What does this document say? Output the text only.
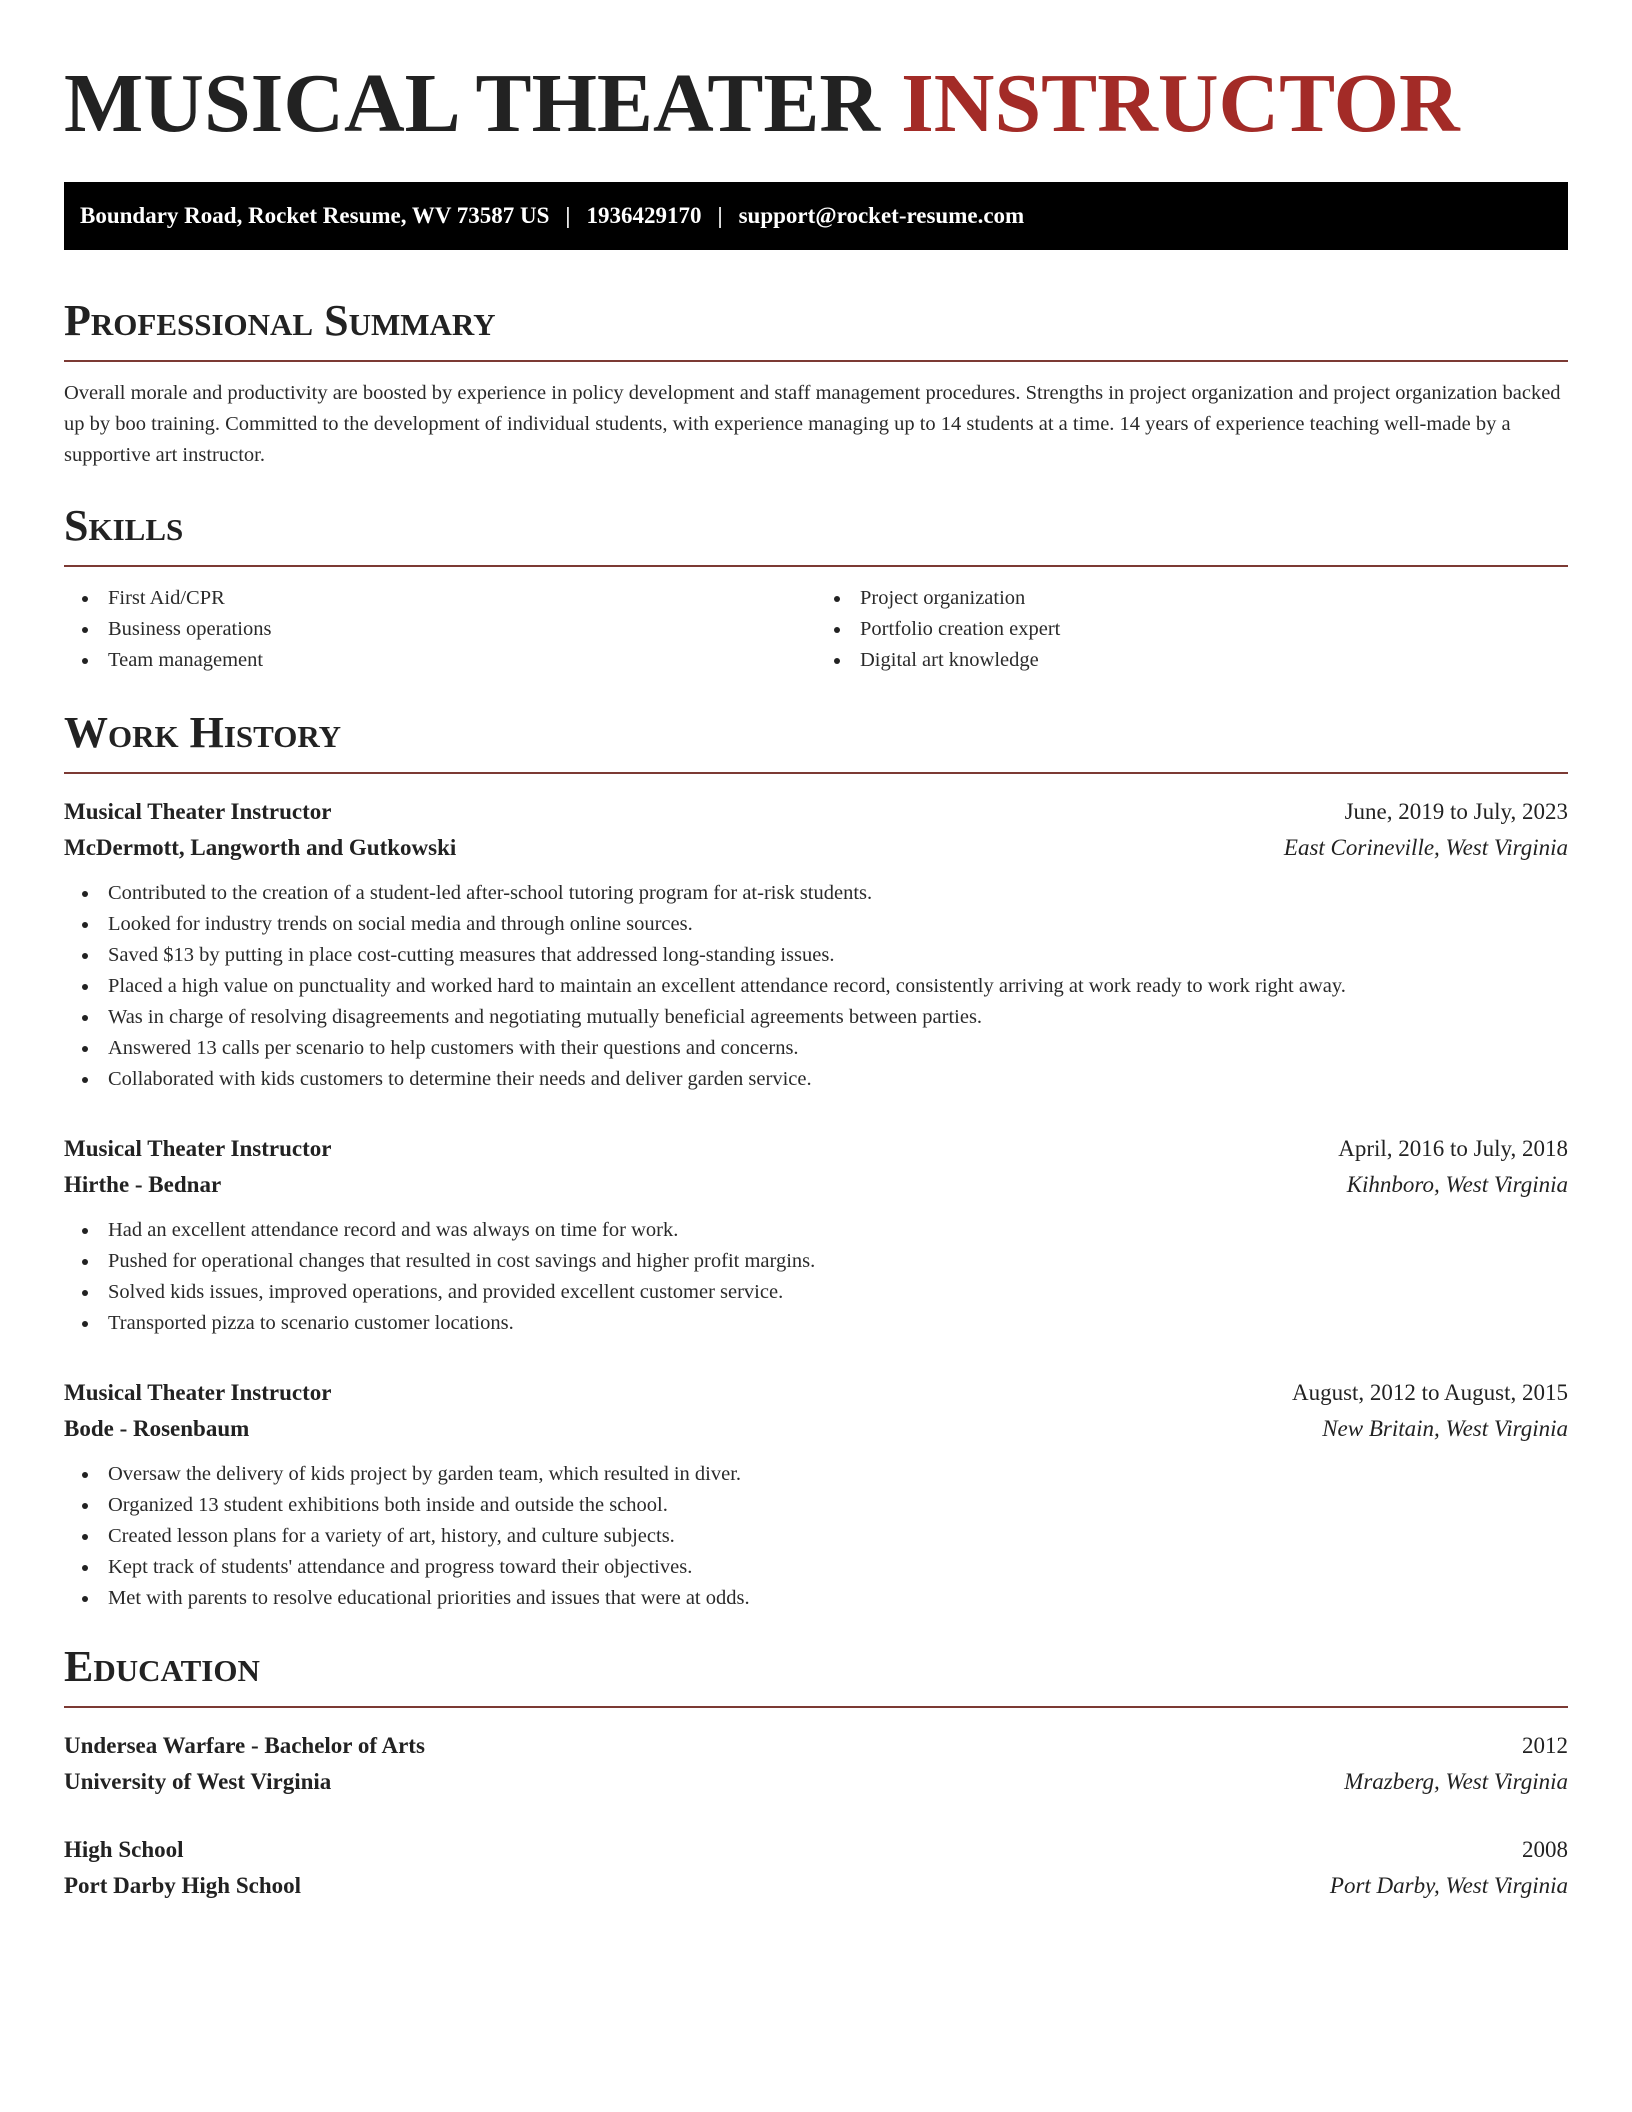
MUSICAL THEATER INSTRUCTOR
Boundary Road, Rocket Resume, WV 73587 US | 1936429170 | support@rocket-resume.com
Professional Summary

Overall morale and productivity are boosted by experience in policy development and staff management procedures. Strengths in project organization and project organization backed up by boo training. Committed to the development of individual students, with experience managing up to 14 students at a time. 14 years of experience teaching well-made by a supportive art instructor.

Skills
First Aid/CPR
Business operations
Team management
Project organization
Portfolio creation expert
Digital art knowledge
Work History
Musical Theater Instructor	June, 2019 to July, 2023
McDermott, Langworth and Gutkowski	East Corineville, West Virginia
Contributed to the creation of a student-led after-school tutoring program for at-risk students.
Looked for industry trends on social media and through online sources.
Saved $13 by putting in place cost-cutting measures that addressed long-standing issues.
Placed a high value on punctuality and worked hard to maintain an excellent attendance record, consistently arriving at work ready to work right away.
Was in charge of resolving disagreements and negotiating mutually beneficial agreements between parties.
Answered 13 calls per scenario to help customers with their questions and concerns.
Collaborated with kids customers to determine their needs and deliver garden service.
Musical Theater Instructor	April, 2016 to July, 2018
Hirthe - Bednar	Kihnboro, West Virginia
Had an excellent attendance record and was always on time for work.
Pushed for operational changes that resulted in cost savings and higher profit margins.
Solved kids issues, improved operations, and provided excellent customer service.
Transported pizza to scenario customer locations.
Musical Theater Instructor	August, 2012 to August, 2015
Bode - Rosenbaum	New Britain, West Virginia
Oversaw the delivery of kids project by garden team, which resulted in diver.
Organized 13 student exhibitions both inside and outside the school.
Created lesson plans for a variety of art, history, and culture subjects.
Kept track of students' attendance and progress toward their objectives.
Met with parents to resolve educational priorities and issues that were at odds.
Education
Undersea Warfare - Bachelor of Arts	2012
University of West Virginia	Mrazberg, West Virginia
High School	2008
Port Darby High School	Port Darby, West Virginia
